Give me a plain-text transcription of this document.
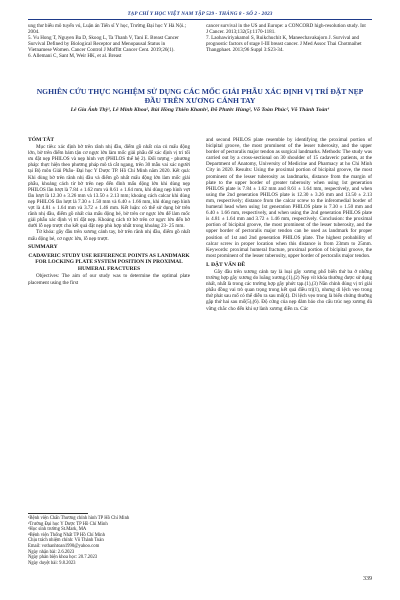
TẠP CHÍ Y HỌC VIỆT NAM TẬP 529 - THÁNG 8 - SỐ 2 - 2023

ung thư biểu mô tuyến vú, Luận án Tiến sĩ Y học, Trường Đại học Y Hà Nội.; 2004.

5. Vu Hong T, Nguyen Ba D, Skoog L, Ta Thanh V, Tani E. Breast Cancer Survival Defined by Biological Receptor and Menopausal Status in Vietnamese Women. Cancer Control J Moffitt Cancer Cent. 2019;26(1).

6. Allemani C, Sant M, Weir HK, et al. Breast

cancer survival in the US and Europe: a CONCORD high-resolution study. Int J Cancer. 2013;132(5):1170-1181.

7. Laohawiriyakamol S, Ruikchuchit K, Maneechavakajorn J. Survival and prognostic factors of stage I-III breast cancer. J Med Assoc Thai Chotmaihet Thangphaet. 2013;96 Suppl 3:S23-34.

NGHIÊN CỨU THỰC NGHIỆM SỬ DỤNG CÁC MỐC GIẢI PHẪU XÁC ĐỊNH VỊ TRÍ ĐẶT NẸP ĐẦU TRÊN XƯƠNG CÁNH TAY
Lê Gia Ánh Thỳ¹, Lê Minh Khoa², Bùi Hồng Thiên Khanh², Đỗ Phước Hùng², Võ Toàn Phúc², Võ Thành Toàn⁴
TÓM TẮT

Mục tiêu: xác định bờ trên rãnh nhị đầu, điểm gồ nhất của củ mấu động lớn, bờ trên điểm bám tận cơ ngực lớn làm mốc giải phẫu để xác định vị trí tối ưu đặt nẹp PHILOS và nẹp hình vợt (PHILOS thế hệ 2). Đối tượng - phương pháp: thực hiện theo phương pháp mô tả cắt ngang, trên 30 mẫu vai xác người tại Bộ môn Giải Phẫu- Đại học Y Dược TP. Hồ Chí Minh năm 2020. Kết quả: Khi dùng bờ trên rãnh nhị đầu và điểm gồ nhất mấu động lớn làm mốc giải phẫu, khoảng cách từ bờ trên nẹp đến đỉnh mấu động lớn khi dùng nẹp PHILOS lần lượt là 7.84 ± 1.62 mm và 8.61 ± 1.64 mm, khi dùng nẹp hình vợt lần lượt là 12.30 ± 3.26 mm và 13.50 ± 2.13 mm; khoảng cách calcar khi dùng nẹp PHILOS lần lượt là 7.30 ± 1.50 mm và 6.40 ± 1.66 mm, khi dùng nẹp hình vợt là 4.81 ± 1.64 mm và 3.72 ± 1.46 mm. Kết luận: có thể sử dụng bờ trên rãnh nhị đầu, điểm gồ nhất của mấu động bé, bờ trên cơ ngực lớn để làm mốc giải phẫu xác định vị trí đặt nẹp. Khoảng cách từ bờ trên cơ ngực lớn đến bờ dưới lỗ nẹp trượt cho kết quả đặt nẹp phù hợp nhất trong khoảng 23- 25 mm.

Từ khóa: gãy đầu trên xương cánh tay, bờ trên rãnh nhị đầu, điểm gồ nhất mấu động bé, cơ ngực lớn, lỗ nẹp trượt.

SUMMARY
CADAVERIC STUDY USE REFERENCE POINTS AS LANDMARK FOR LOCKING PLATE SYSTEM POSITION IN PROXIMAL HUMERAL FRACTURES

Objectives: The aim of our study was to determine the optimal plate placement using the first

and second PHILOS plate resemble by identifying the proximal portion of bicipital groove, the most prominent of the lesser tuberosity, and the upper border of pectoralis major tendon as surgical landmarks. Methods: The study was carried out by a cross-sectional on 30 shoulder of 15 cadaveric patients, at the Department of Anatomy, University of Medicine and Pharmacy at ho Chi Minh City in 2020. Results: Using the proximal portion of bicipital groove, the most prominent of the lesser tuberosity as landmarks, distance from the margin of plate to the upper border of greater tuberosity when using 1st generation PHILOS plate is 7.84 ± 1.62 mm and 8.61 ± 1.64 mm, respectively, and when using the 2nd generation PHILOS plate is 12.30 ± 3.26 mm and 13.50 ± 2.13 mm, respectively; distance from the calcar screw to the inferomedial border of humeral head when using 1st generation PHILOS plate is 7.30 ± 1.50 mm and 6.40 ± 1.66 mm, respectively, and when using the 2nd generation PHILOS plate is 4.81 ± 1.64 mm and 3.72 ± 1.46 mm, respectively. Conclusion: the proximal portion of bicipital groove, the most prominent of the lesser tuberosity, and the upper border of pectoralis major tendon can be used as landmark for proper position of 1st and 2nd generation PHILOS plate. The highest probability of calcar screw in proper location when this distance is from 23mm to 25mm. Keywords: proximal humeral fracture, proximal portion of bicipital groove, the most prominent of the lesser tuberosity, upper border of pectoralis major tendon.

I. ĐẶT VẤN ĐỀ

Gãy đầu trên xương cánh tay là loại gãy xương phổ biến thứ ba ở những trường hợp gãy xương do loãng xương.(1),(2) Nẹp vít khóa thường được sử dụng nhất, nhất là trong các trường hợp gãy phức tạp.(1),(3) Nắn chỉnh đúng vị trí giải phẫu đồng vai trò quan trọng trong kết quả điều trị(1), nhưng di lệch vẹo trong thứ phát sau mổ có thể diễn ra sau mổ(4). Di lệch vẹo trong là biến chứng thường gặp thứ hai sau mổ(5),(6). Độ cứng của nẹp đảm bảo cho cấu trúc nẹp xương đủ vững chắc cho đến khi sự lành xương diễn ra. Các

¹Bệnh viện Chấn Thương chỉnh hình TP Hồ Chí Minh
²Trường Đại học Y Dược TP Hồ Chí Minh
³Học sinh trường St.Mark, MA
⁴Bệnh viện Thống Nhất TP Hồ Chí Minh
Chịu trách nhiệm chính: Võ Thành Toàn
Email: vothanhtoan1990@yahoo.com
Ngày nhận bài: 2.6.2023
Ngày phản biện khoa học: 20.7.2023
Ngày duyệt bài: 9.8.2023
339
